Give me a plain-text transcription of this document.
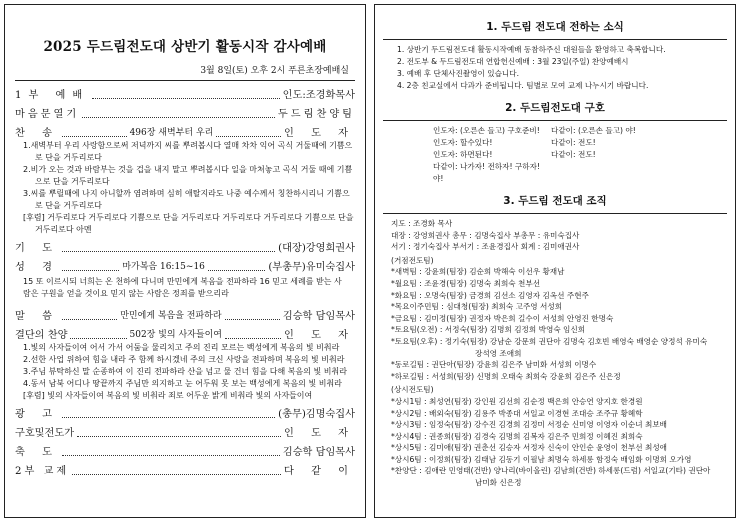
2025 두드림전도대 상반기 활동시작 감사예배
3월 8일(토) 오후 2시 푸른초장예배실
1부 예배	인도:조경화목사
마음문열기	두드림찬양팀
찬 송	496장 새벽부터 우리	인 도 자

1.새벽부터 우리 사랑함으로써 저녁까지 씨를 뿌려봅시다 열매 차차 익어 곡식 거둘때에 기쁨으로 단을 거두리로다

2.비가 오는 것과 바람부는 것을 겁을 내지 말고 뿌려봅시다 일을 마쳐놓고 곡식 거둘 때에 기쁨으로 단을 거두리로다

3.씨를 뿌릴때에 나지 아니할까 염려하며 심히 애탈지라도 나중 예수께서 칭찬하시리니 기쁨으로 단을 거두리로다

[후렴] 거두리로다 거두리로다 기쁨으로 단을 거두리로다 거두리로다 거두리로다 기쁨으로 단을 거두리로다 아멘

기 도	(대장)강영희권사
성 경	마가복음 16:15~16	(부총무)유미숙집사
15 또 이르시되 너희는 온 천하에 다니며 만민에게 복음을 전파하라 16 믿고 세례를 받는 사람은 구원을 얻을 것이요 믿지 않는 사람은 정죄를 받으리라
말 씀	만민에게 복음을 전파하라	김승학 담임목사
결단의 찬양	502장 빛의 사자들이여	인 도 자

1.빛의 사자들이여 어서 가서 어둠을 물리치고 주의 진리 모르는 백성에게 복음의 빛 비춰라

2.선한 사업 위하여 힘을 내라 주 함께 하시겠네 주의 크신 사랑을 전파하며 복음의 빛 비춰라

3.주님 뷰탁하신 말 순종하여 이 진리 전파하라 산을 넘고 물 건너 힘을 다해 복음의 빛 비춰라

4.동서 남북 어디나 땅끝까지 주님만 의지하고 눈 어두워 못 보는 백성에게 복음의 빛 비춰라

[후렴] 빛의 사자들이여 복음의 빛 비춰라 죄로 어두운 밝게 비춰라 빛의 사자들이여

광 고	(총무)김명숙집사
구호및전도가	인 도 자
축 도	김승학 담임목사
2부 교제	다 같 이
1. 두드림 전도대 전하는 소식
1. 상반기 두드림전도대 활동시작예배 동참하주신 대원들을 환영하고 축복합니다.
2. 전도부 & 두드림전도대 연합헌신예배 : 3월 23일(주일) 찬양예배시
3. 예배 후 단체사진촬영이 있습니다.
4. 2층 친교실에서 다과가 준비됩니다. 팀별로 모여 교제 나누시기 바랍니다.
2. 두드림전도대 구호
인도자: (오른손 들고) 구호준비!	다같이: (오른손 들고) 야!
인도자: 할수있다!	다같이: 전도!
인도자: 하면된다!	다같이: 전도!
다같이: 나가자! 전하자! 구하자! 야!
3. 두드림 전도대 조직
지도 : 조경화 목사
대장 : 강영희권사 총무 : 김명숙집사 부총무 : 유미숙집사
서기 : 정기숙집사 부서기 : 조윤경집사 회계 : 김미애권사
(거점전도팀)
*새벽팀 : 강윤희(팀장) 김순희 박해숙 이선우 황재남
*월요팀 : 조윤경(팀장) 김명숙 최희숙 천부선
*화요팀 : 오명숙(팀장) 금경희 김선소 김영자 김옥선 주현주
*목요이주민팀 : 심대청(팀장) 최희숙 고주영 서성희
*금요팀 : 김미정(팀장) 권정자 박은희 길수이 서성희 안영진 한명숙
*토요팀(오전) : 서정숙(팀장) 김명희 김정희 박영숙 임신희
*토요팀(오후) : 정기숙(팀장) 강남순 강문희 권단아 김명숙 김호빈 배영숙 배영순 양정석 유미숙
장석영 조애희
*동로길팀 : 권단아(팀장) 강윤희 김은주 남미화 서성희 이명수
*하로길팀 : 서성희(팀장) 신명희 오태숙 최희숙 강윤희 김은주 신은정
(상시전도팀)
*상시1팀 : 최성연(팀장) 강인원 김선희 김순정 백은희 안승연 양지호 한경원
*상시2팀 : 배외숙(팀장) 김용주 박종대 서일교 이경현 조대승 조주규 황혜학
*상시3팀 : 임정숙(팀장) 강수진 김경희 김정미 서정순 신미영 이영자 이순녀 최보배
*상시4팀 : 권종희(팀장) 김경숙 김명희 김복자 김은주 민희정 이혜진 최희숙
*상시5팀 : 김미애(팀장) 권춘선 김승자 서정자 신숙이 안인순 윤영이 천부선 최성애
*상시6팀 : 이정희(팀장) 김태남 김동기 이필남 최명숙 하세롱 함정숙 배임화 이명희 오가영
*찬양단 : 김애란 민영태(건반) 양나리(바이올린) 김남희(건반) 하세롱(드럼) 서일교(기타) 권단아
남미화 신은정
